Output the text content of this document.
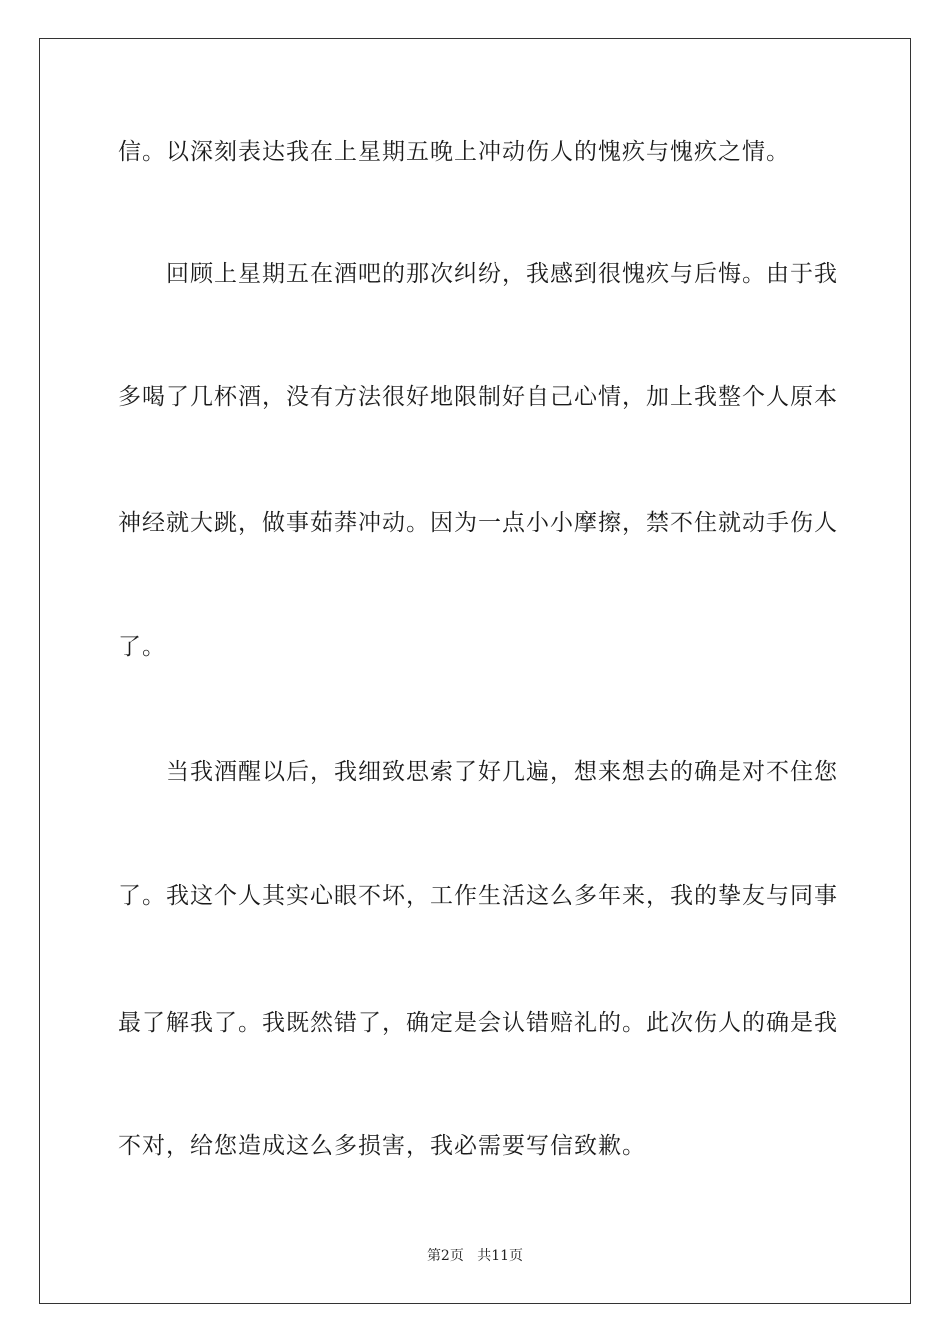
信。以深刻表达我在上星期五晚上冲动伤人的愧疚与愧疚之情。
回顾上星期五在酒吧的那次纠纷，我感到很愧疚与后悔。由于我
多喝了几杯酒，没有方法很好地限制好自己心情，加上我整个人原本
神经就大跳，做事茹莽冲动。因为一点小小摩擦，禁不住就动手伤人
了。
当我酒醒以后，我细致思索了好几遍，想来想去的确是对不住您
了。我这个人其实心眼不坏，工作生活这么多年来，我的挚友与同事
最了解我了。我既然错了，确定是会认错赔礼的。此次伤人的确是我
不对，给您造成这么多损害，我必需要写信致歉。
第2页 共11页
